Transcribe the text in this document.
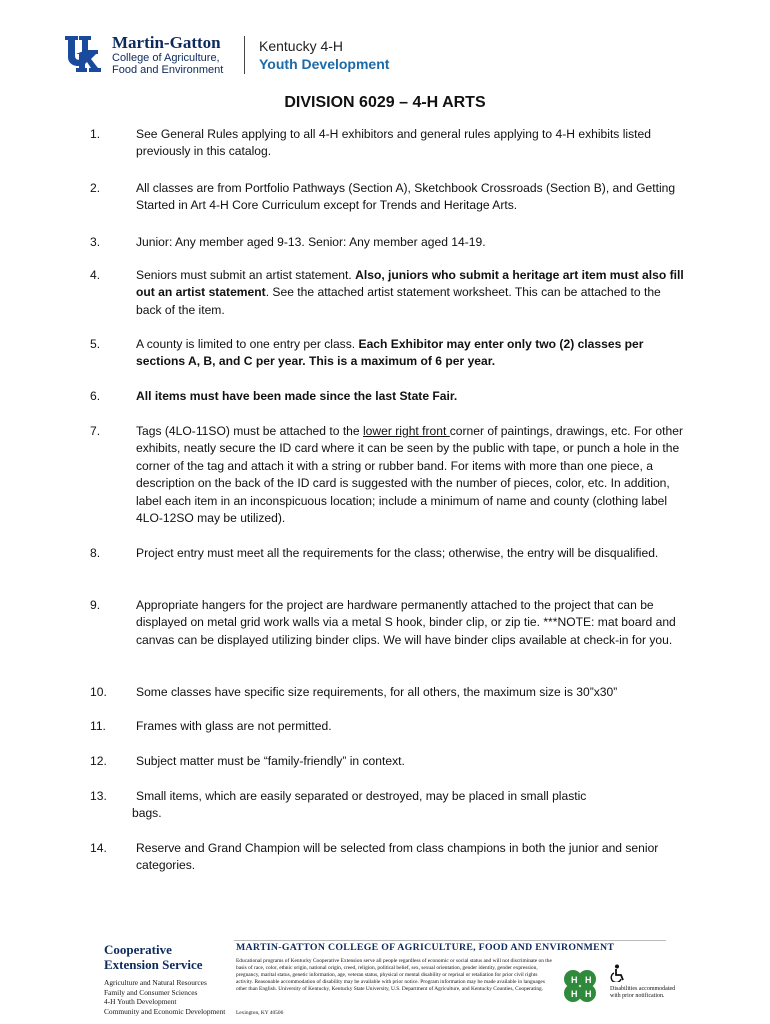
Martin-Gatton
College of Agriculture,
Food and Environment
Kentucky 4-H
Youth Development
DIVISION 6029 – 4-H ARTS
1.	See General Rules applying to all 4-H exhibitors and general rules applying to 4-H exhibits listed previously in this catalog.
2.	All classes are from Portfolio Pathways (Section A), Sketchbook Crossroads (Section B), and Getting Started in Art 4-H Core Curriculum except for Trends and Heritage Arts.
3.	Junior: Any member aged 9-13. Senior: Any member aged 14-19.
4.	Seniors must submit an artist statement. Also, juniors who submit a heritage art item must also fill out an artist statement. See the attached artist statement worksheet. This can be attached to the back of the item.
5.	A county is limited to one entry per class. Each Exhibitor may enter only two (2) classes per sections A, B, and C per year. This is a maximum of 6 per year.
6.	All items must have been made since the last State Fair.
7.	Tags (4LO-11SO) must be attached to the lower right front corner of paintings, drawings, etc. For other exhibits, neatly secure the ID card where it can be seen by the public with tape, or punch a hole in the corner of the tag and attach it with a string or rubber band. For items with more than one piece, a description on the back of the ID card is suggested with the number of pieces, color, etc. In addition, label each item in an inconspicuous location; include a minimum of name and county (clothing label 4LO-12SO may be utilized).
8.	Project entry must meet all the requirements for the class; otherwise, the entry will be disqualified.
9.	Appropriate hangers for the project are hardware permanently attached to the project that can be displayed on metal grid work walls via a metal S hook, binder clip, or zip tie. ***NOTE: mat board and canvas can be displayed utilizing binder clips. We will have binder clips available at check-in for you.
10. Some classes have specific size requirements, for all others, the maximum size is 30”x30”
11. Frames with glass are not permitted.
12. Subject matter must be “family-friendly” in context.
13. Small items, which are easily separated or destroyed, may be placed in small plastic
bags.
14. Reserve and Grand Champion will be selected from class champions in both the junior and senior categories.
Cooperative
Extension Service
Agriculture and Natural Resources
Family and Consumer Sciences
4-H Youth Development
Community and Economic Development
MARTIN-GATTON COLLEGE OF AGRICULTURE, FOOD AND ENVIRONMENT
Educational programs of Kentucky Cooperative Extension serve all people regardless of economic or social status and will not discriminate on the basis of race, color, ethnic origin, national origin, creed, religion, political belief, sex, sexual orientation, gender identity, gender expression, pregnancy, marital status, genetic information, age, veteran status, physical or mental disability or reprisal or retaliation for prior civil rights activity. Reasonable accommodation of disability may be available with prior notice. Program information may be made available in languages other than English. University of Kentucky, Kentucky State University, U.S. Department of Agriculture, and Kentucky Counties, Cooperating.
Lexington, KY 40506
H H
H H	Disabilities accommodated with prior notification.
